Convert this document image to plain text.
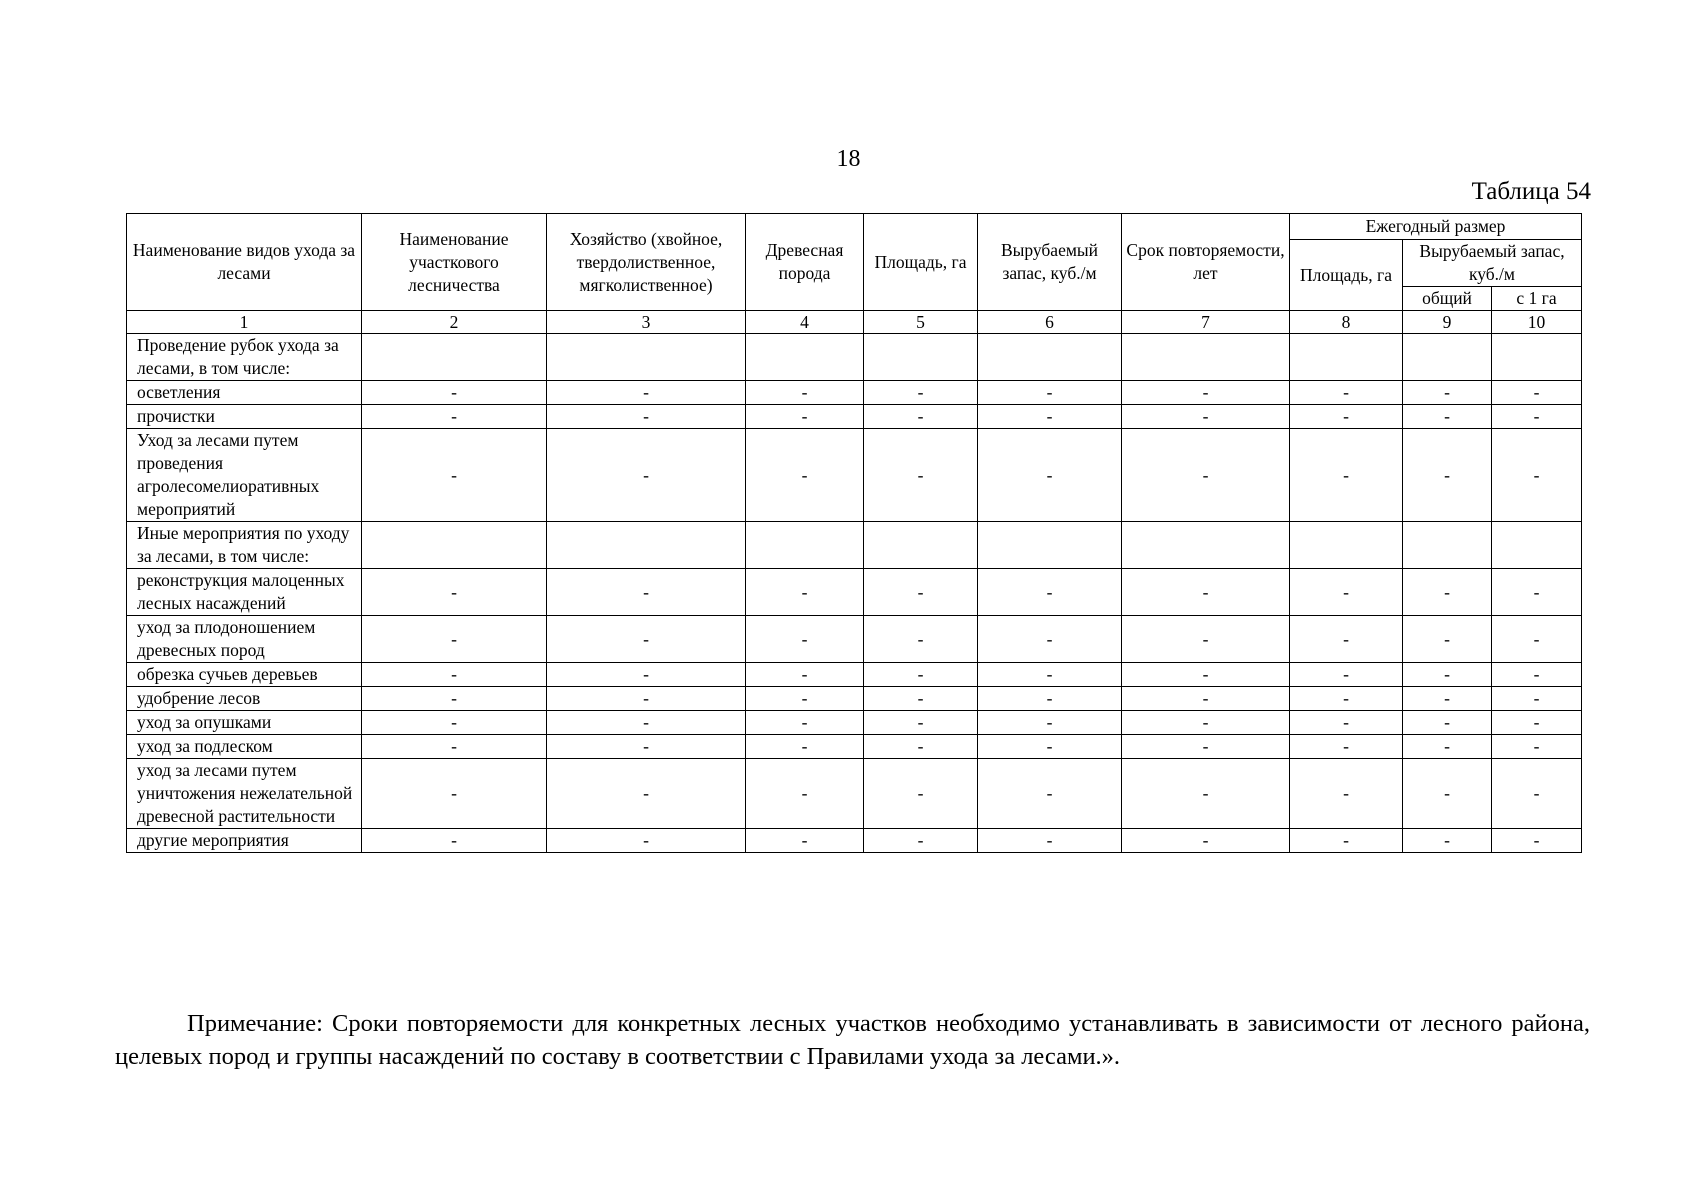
18
Таблица 54
Наименование видов ухода за лесами	Наименование участкового лесничества	Хозяйство (хвойное, твердолиственное, мягколиственное)	Древесная порода	Площадь, га	Вырубаемый запас, куб./м	Срок повторяемости, лет	Ежегодный размер		
							Площадь, га	Вырубаемый запас, куб./м	
								общий	с 1 га
1	2	3	4	5	6	7	8	9	10
Проведение рубок ухода за лесами, в том числе:									
осветления	-	-	-	-	-	-	-	-	-
прочистки	-	-	-	-	-	-	-	-	-
Уход за лесами путем проведения агролесомелиоративных мероприятий	-	-	-	-	-	-	-	-	-
Иные мероприятия по уходу за лесами, в том числе:									
реконструкция малоценных лесных насаждений	-	-	-	-	-	-	-	-	-
уход за плодоношением древесных пород	-	-	-	-	-	-	-	-	-
обрезка сучьев деревьев	-	-	-	-	-	-	-	-	-
удобрение лесов	-	-	-	-	-	-	-	-	-
уход за опушками	-	-	-	-	-	-	-	-	-
уход за подлеском	-	-	-	-	-	-	-	-	-
уход за лесами путем уничтожения нежелательной древесной растительности	-	-	-	-	-	-	-	-	-
другие мероприятия	-	-	-	-	-	-	-	-	-

Примечание: Сроки повторяемости для конкретных лесных участков необходимо устанавливать в зависимости от лесного района, целевых пород и группы насаждений по составу в соответствии с Правилами ухода за лесами.».
